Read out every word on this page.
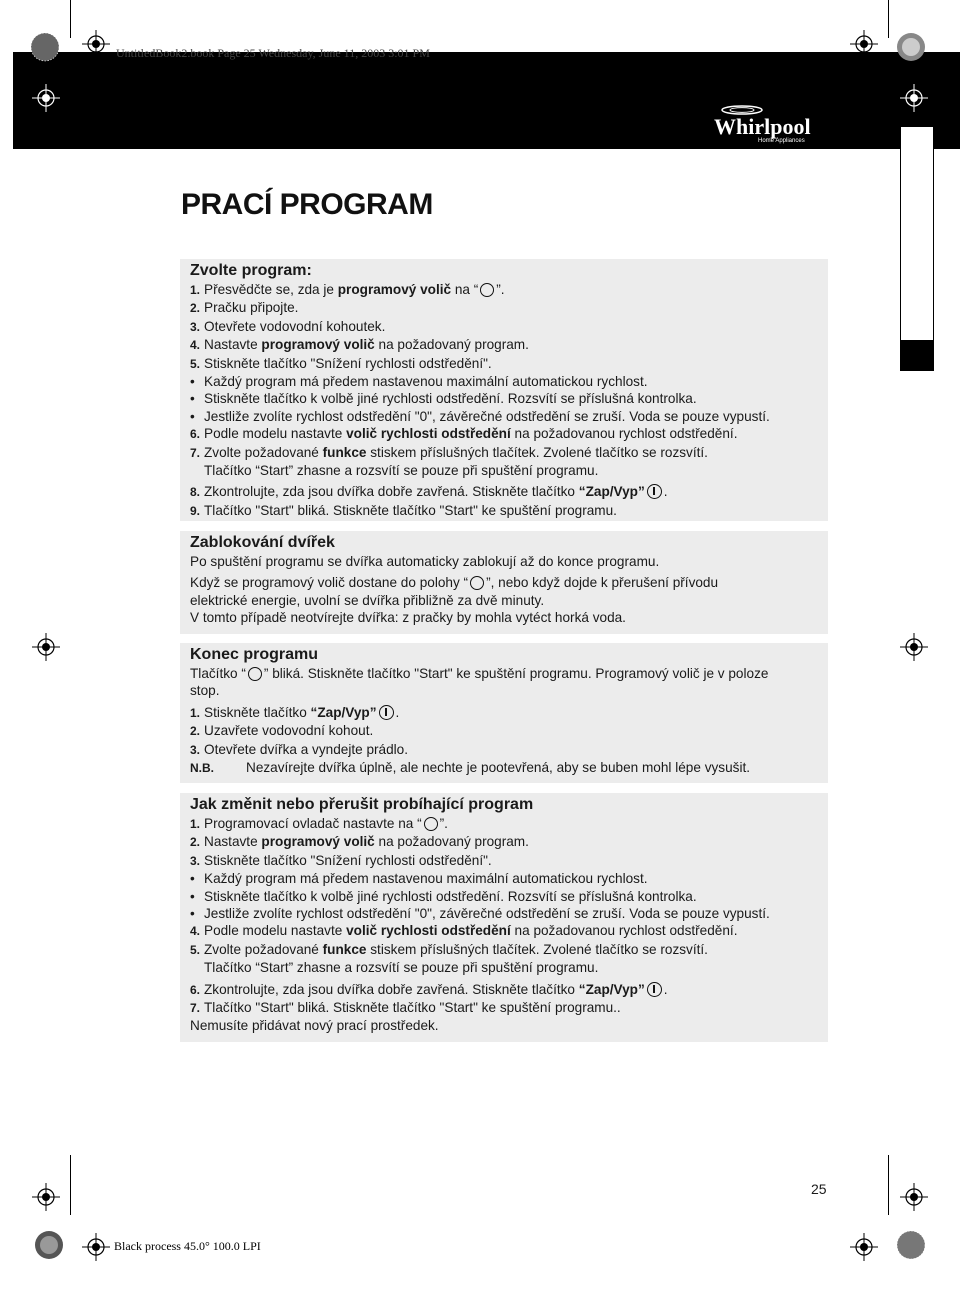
UntitledBook2.book Page 25 Wednesday, June 11, 2003 3:01 PM
Whirlpool
Home Appliances
PRACÍ PROGRAM
Zvolte program:
1. Přesvědčte se, zda je programový volič na “ ”.
2. Pračku připojte.
3. Otevřete vodovodní kohoutek.
4. Nastavte programový volič na požadovaný program.
5. Stiskněte tlačítko "Snížení rychlosti odstředění".
• Každý program má předem nastavenou maximální automatickou rychlost.
• Stiskněte tlačítko k volbě jiné rychlosti odstředění. Rozsvítí se příslušná kontrolka.
• Jestliže zvolíte rychlost odstředění "0", závěrečné odstředění se zruší. Voda se pouze vypustí.
6. Podle modelu nastavte volič rychlosti odstředění na požadovanou rychlost odstředění.
7. Zvolte požadované funkce stiskem příslušných tlačítek. Zvolené tlačítko se rozsvítí.
Tlačítko “Start” zhasne a rozsvítí se pouze při spuštění programu.
8. Zkontrolujte, zda jsou dvířka dobře zavřená. Stiskněte tlačítko “Zap/Vyp” .
9. Tlačítko "Start" bliká. Stiskněte tlačítko "Start" ke spuštění programu.
Zablokování dvířek
Po spuštění programu se dvířka automaticky zablokují až do konce programu.
Když se programový volič dostane do polohy “ ”, nebo když dojde k přerušení přívodu
elektrické energie, uvolní se dvířka přibližně za dvě minuty.
V tomto případě neotvírejte dvířka: z pračky by mohla vytéct horká voda.
Konec programu
Tlačítko “ ” bliká. Stiskněte tlačítko "Start" ke spuštění programu. Programový volič je v poloze
stop.
1. Stiskněte tlačítko “Zap/Vyp” .
2. Uzavřete vodovodní kohout.
3. Otevřete dvířka a vyndejte prádlo.
N.B. Nezavírejte dvířka úplně, ale nechte je pootevřená, aby se buben mohl lépe vysušit.
Jak změnit nebo přerušit probíhající program
1. Programovací ovladač nastavte na “ ”.
2. Nastavte programový volič na požadovaný program.
3. Stiskněte tlačítko "Snížení rychlosti odstředění".
• Každý program má předem nastavenou maximální automatickou rychlost.
• Stiskněte tlačítko k volbě jiné rychlosti odstředění. Rozsvítí se příslušná kontrolka.
• Jestliže zvolíte rychlost odstředění "0", závěrečné odstředění se zruší. Voda se pouze vypustí.
4. Podle modelu nastavte volič rychlosti odstředění na požadovanou rychlost odstředění.
5. Zvolte požadované funkce stiskem příslušných tlačítek. Zvolené tlačítko se rozsvítí.
Tlačítko “Start” zhasne a rozsvítí se pouze při spuštění programu.
6. Zkontrolujte, zda jsou dvířka dobře zavřená. Stiskněte tlačítko “Zap/Vyp” .
7. Tlačítko "Start" bliká. Stiskněte tlačítko "Start" ke spuštění programu..
Nemusíte přidávat nový prací prostředek.
25
Black process 45.0° 100.0 LPI
